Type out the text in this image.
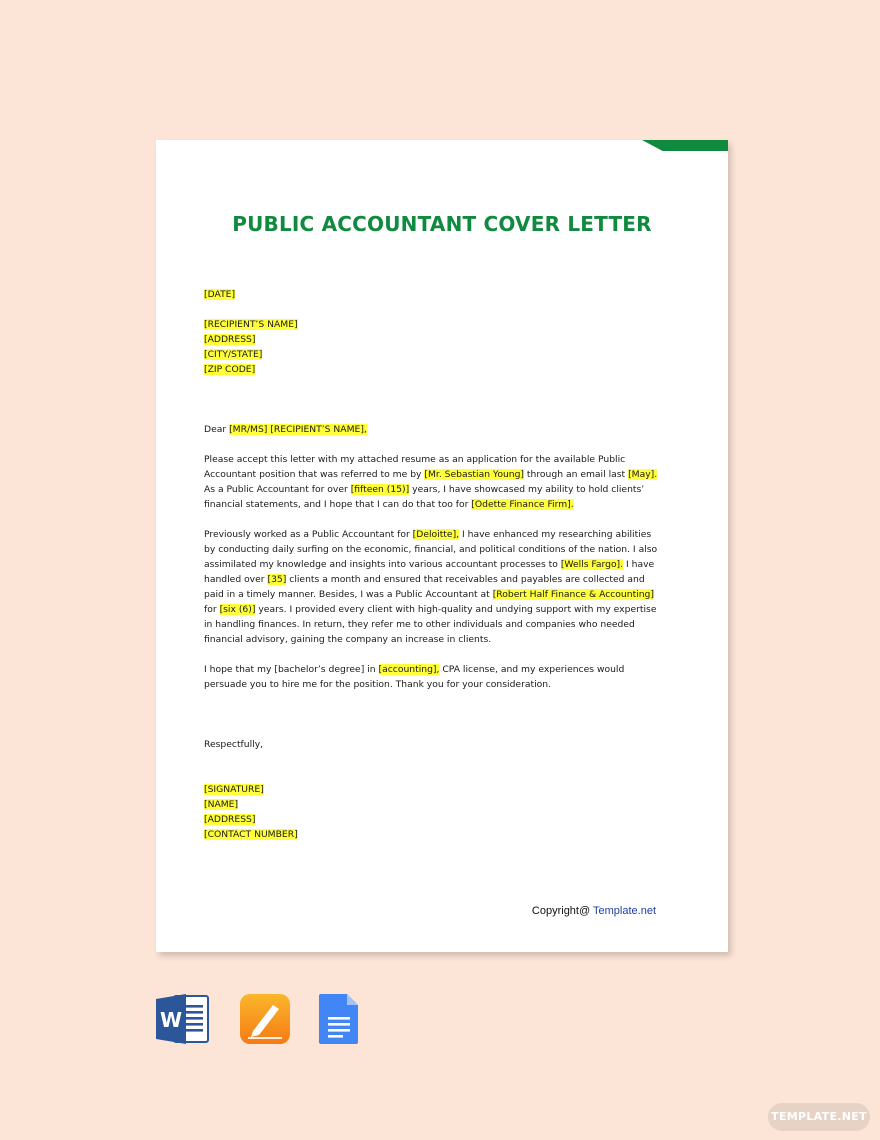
PUBLIC ACCOUNTANT COVER LETTER

[DATE]

[RECIPIENT’S NAME]

[ADDRESS]

[CITY/STATE]

[ZIP CODE]

Dear [MR/MS] [RECIPIENT’S NAME],

Please accept this letter with my attached resume as an application for the available Public Accountant position that was referred to me by [Mr. Sebastian Young] through an email last [May]. As a Public Accountant for over [fifteen (15)] years, I have showcased my ability to hold clients’ financial statements, and I hope that I can do that too for [Odette Finance Firm].

Previously worked as a Public Accountant for [Deloitte], I have enhanced my researching abilities by conducting daily surfing on the economic, financial, and political conditions of the nation. I also assimilated my knowledge and insights into various accountant processes to [Wells Fargo]. I have handled over [35] clients a month and ensured that receivables and payables are collected and paid in a timely manner. Besides, I was a Public Accountant at [Robert Half Finance & Accounting] for [six (6)] years. I provided every client with high-quality and undying support with my expertise in handling finances. In return, they refer me to other individuals and companies who needed financial advisory, gaining the company an increase in clients.

I hope that my [bachelor’s degree] in [accounting], CPA license, and my experiences would persuade you to hire me for the position. Thank you for your consideration.

Respectfully,

[SIGNATURE]

[NAME]

[ADDRESS]

[CONTACT NUMBER]

Copyright@ Template.net
W
TEMPLATE.NET
